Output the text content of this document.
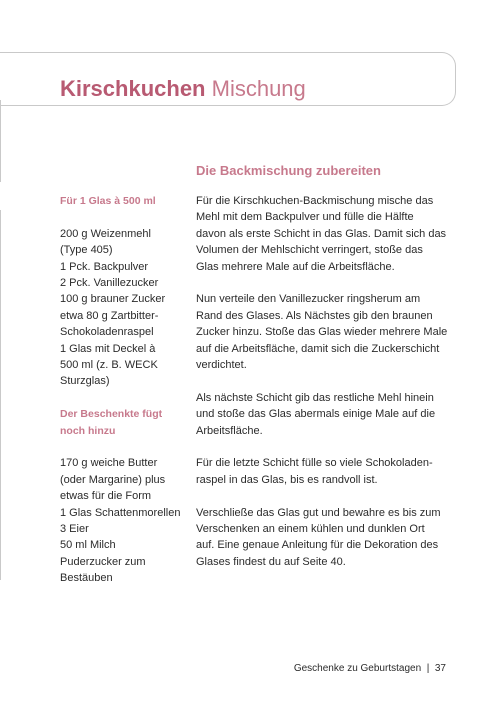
Kirschkuchen Mischung
Die Backmischung zubereiten
Für 1 Glas à 500 ml
200 g Weizenmehl
(Type 405)
1 Pck. Backpulver
2 Pck. Vanillezucker
100 g brauner Zucker
etwa 80 g Zartbitter-
Schokoladenraspel
1 Glas mit Deckel à
500 ml (z. B. WECK
Sturzglas)
Der Beschenkte fügt
noch hinzu
170 g weiche Butter
(oder Margarine) plus
etwas für die Form
1 Glas Schattenmorellen
3 Eier
50 ml Milch
Puderzucker zum
Bestäuben
Für die Kirschkuchen-Backmischung mische das
Mehl mit dem Backpulver und fülle die Hälfte
davon als erste Schicht in das Glas. Damit sich das
Volumen der Mehlschicht verringert, stoße das
Glas mehrere Male auf die Arbeitsfläche.
Nun verteile den Vanillezucker ringsherum am
Rand des Glases. Als Nächstes gib den braunen
Zucker hinzu. Stoße das Glas wieder mehrere Male
auf die Arbeitsfläche, damit sich die Zuckerschicht
verdichtet.
Als nächste Schicht gib das restliche Mehl hinein
und stoße das Glas abermals einige Male auf die
Arbeitsfläche.
Für die letzte Schicht fülle so viele Schokoladen-
raspel in das Glas, bis es randvoll ist.
Verschließe das Glas gut und bewahre es bis zum
Verschenken an einem kühlen und dunklen Ort
auf. Eine genaue Anleitung für die Dekoration des
Glases findest du auf Seite 40.
Geschenke zu Geburtstagen | 37
